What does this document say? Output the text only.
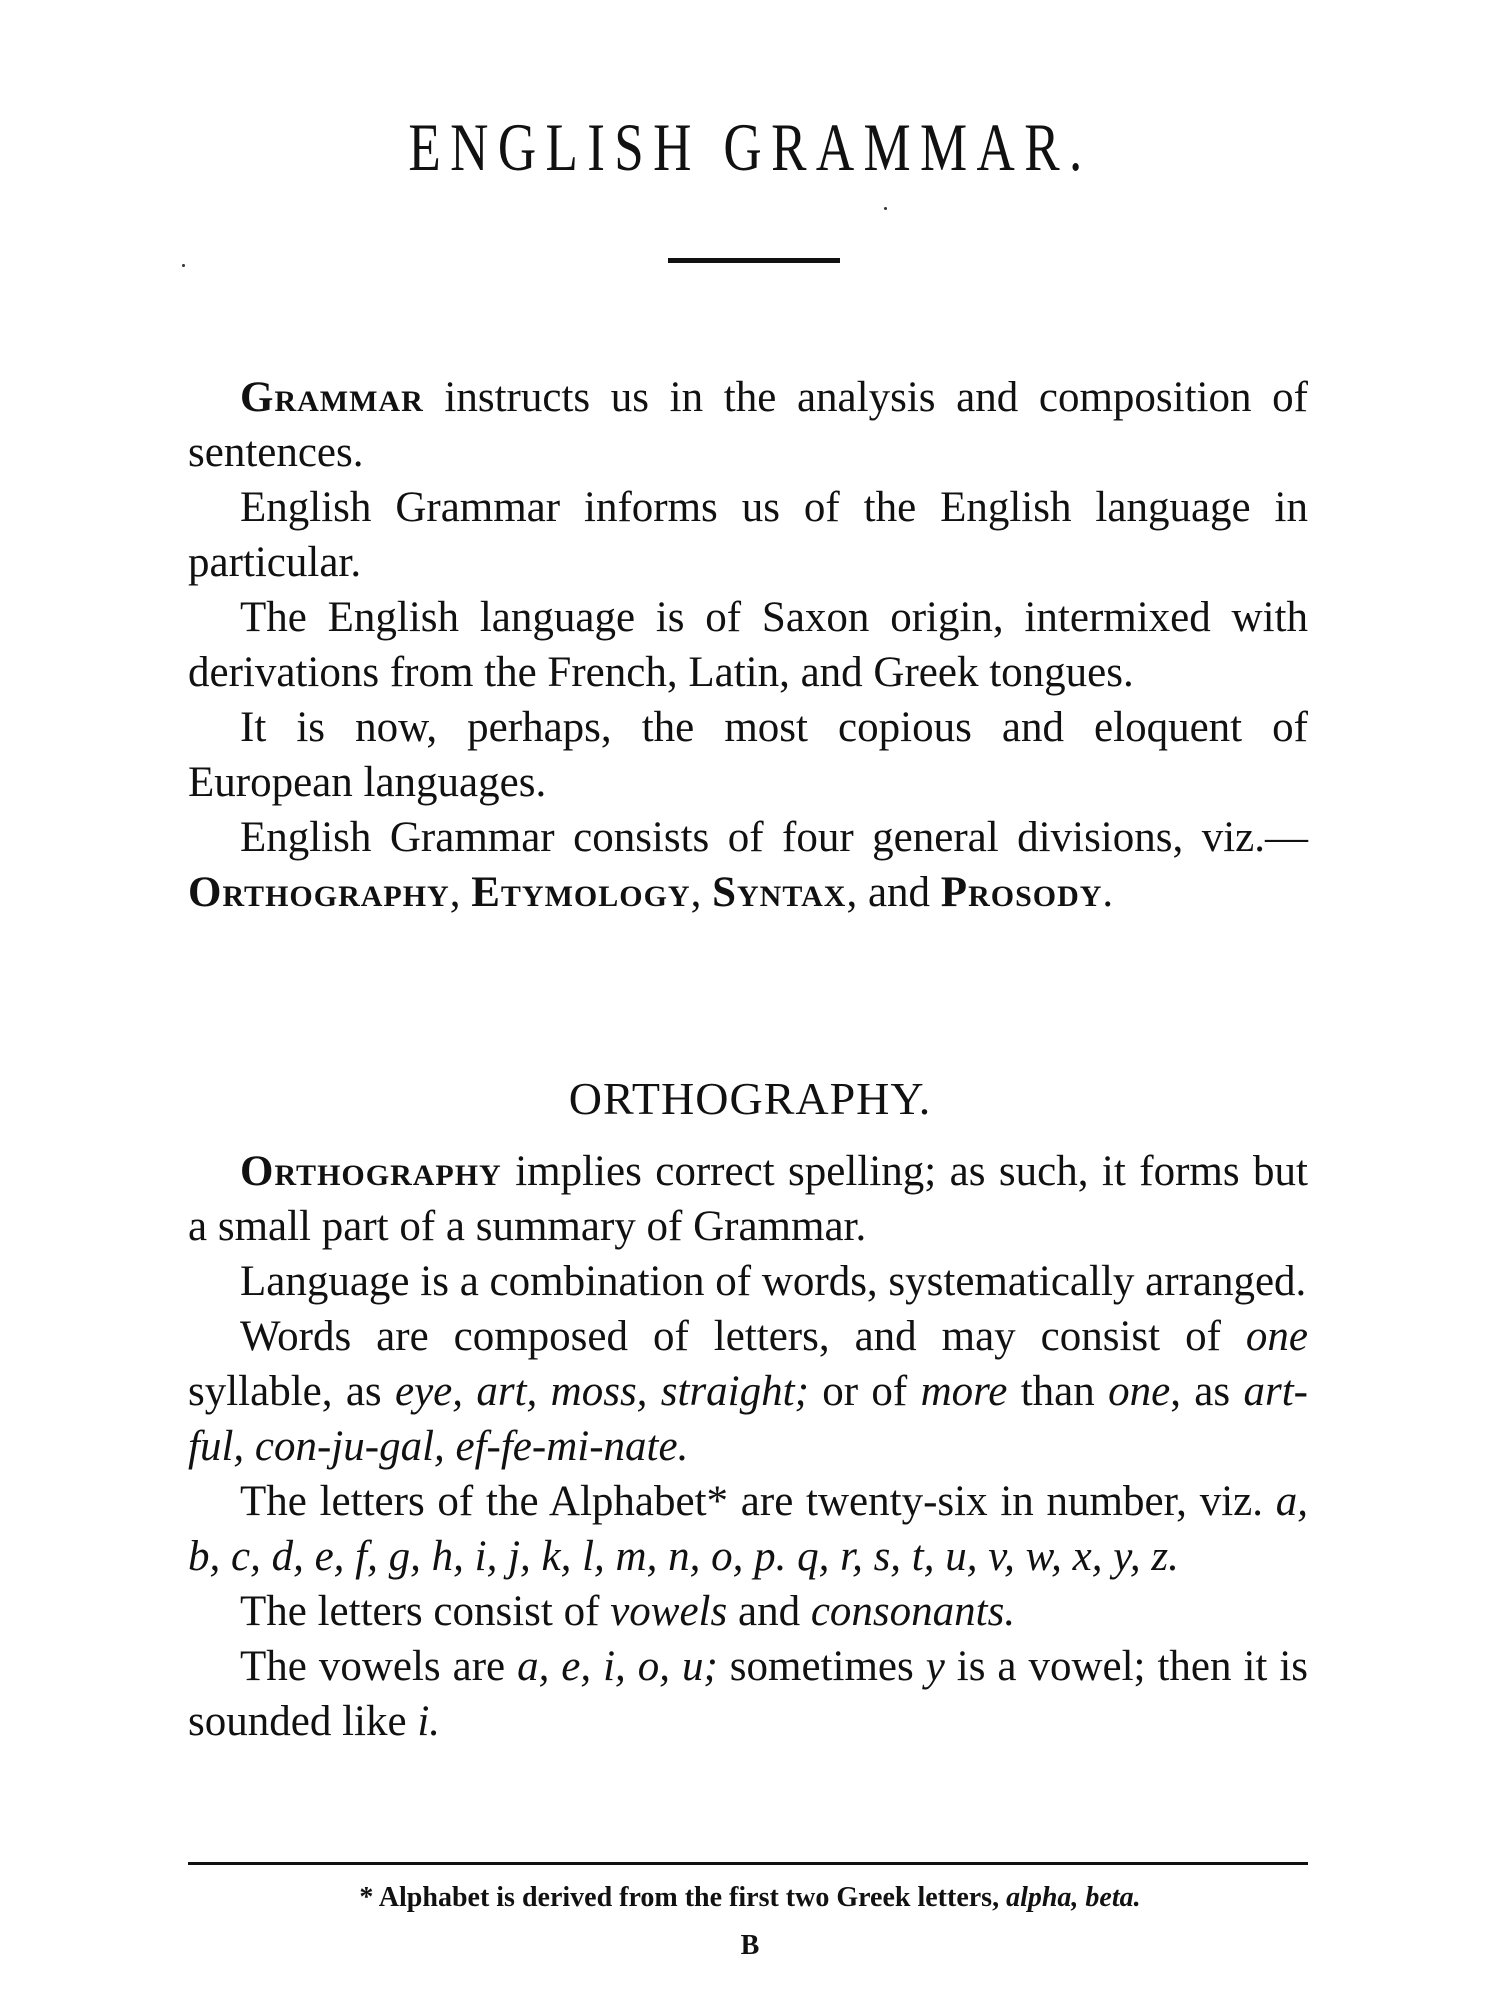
ENGLISH GRAMMAR.

Grammar instructs us in the analysis and composition of sentences.

English Grammar informs us of the English language in particular.

The English language is of Saxon origin, intermixed with derivations from the French, Latin, and Greek tongues.

It is now, perhaps, the most copious and eloquent of European languages.

English Grammar consists of four general divisions, viz.—Orthography, Etymology, Syntax, and Prosody.

ORTHOGRAPHY.

Orthography implies correct spelling; as such, it forms but a small part of a summary of Grammar.

Language is a combination of words, systematically arranged.

Words are composed of letters, and may consist of one syllable, as eye, art, moss, straight; or of more than one, as art-ful, con-ju-gal, ef-fe-mi-nate.

The letters of the Alphabet* are twenty-six in number, viz. a, b, c, d, e, f, g, h, i, j, k, l, m, n, o, p. q, r, s, t, u, v, w, x, y, z.

The letters consist of vowels and consonants.

The vowels are a, e, i, o, u; sometimes y is a vowel; then it is sounded like i.

* Alphabet is derived from the first two Greek letters, alpha, beta.
B
